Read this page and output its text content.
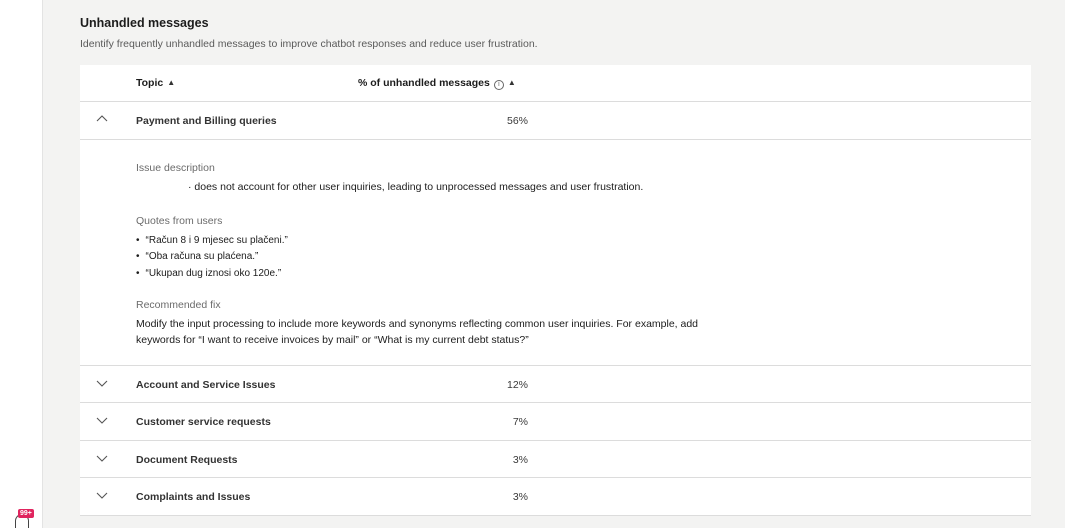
99+
Unhandled messages
Identify frequently unhandled messages to improve chatbot responses and reduce user frustration.
Topic ▲︎	% of unhandled messages i ▲︎
Payment and Billing queries	56%
Issue description
· does not account for other user inquiries, leading to unprocessed messages and user frustration.
Quotes from users
• “Račun 8 i 9 mjesec su plačeni.”
• “Oba računa su plaćena.”
• “Ukupan dug iznosi oko 120e.”
Recommended fix
Modify the input processing to include more keywords and synonyms reflecting common user inquiries. For example, add
keywords for “I want to receive invoices by mail” or “What is my current debt status?”
Account and Service Issues	12%
Customer service requests	7%
Document Requests	3%
Complaints and Issues	3%
